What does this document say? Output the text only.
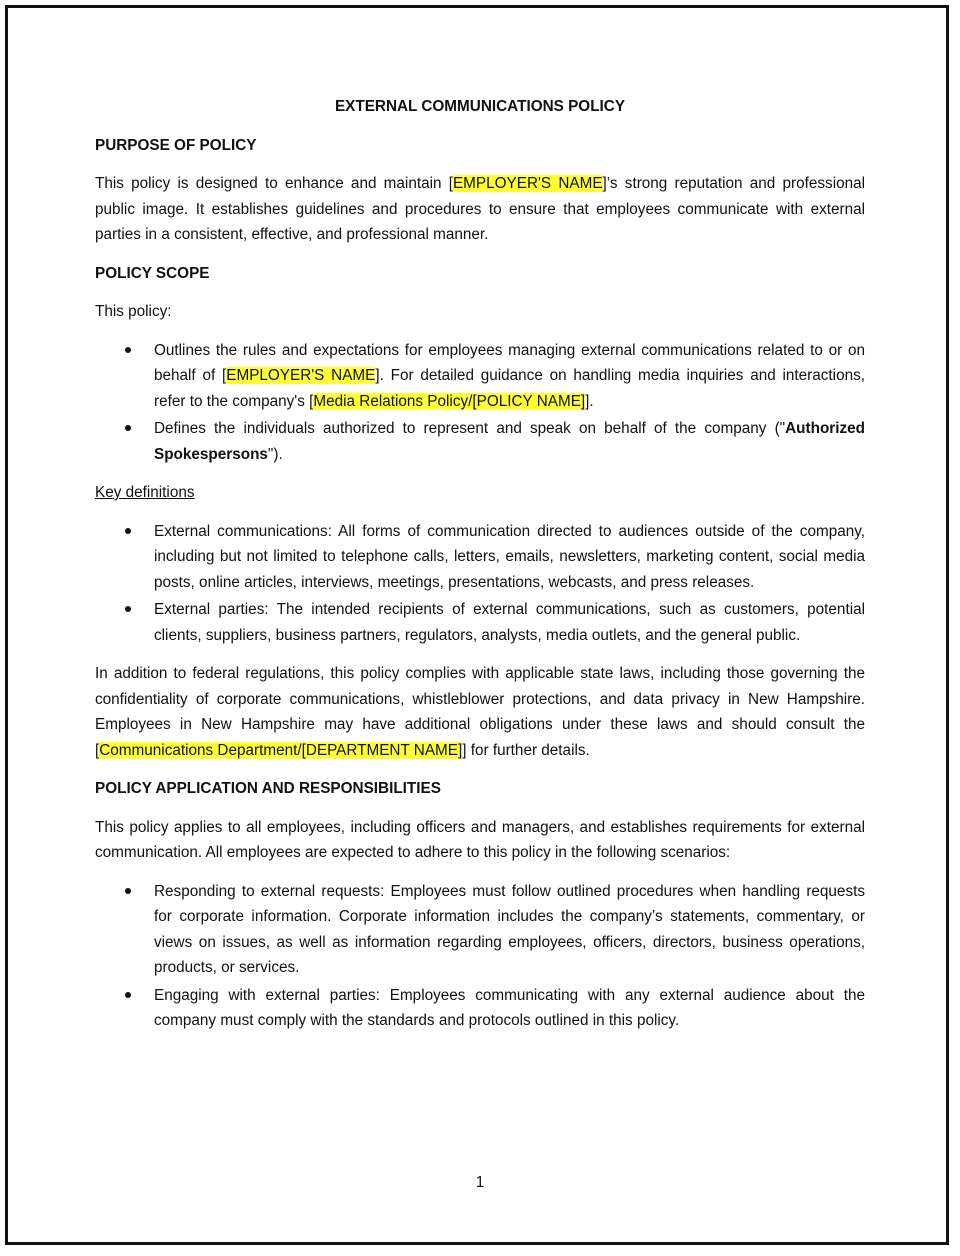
EXTERNAL COMMUNICATIONS POLICY
PURPOSE OF POLICY
This policy is designed to enhance and maintain [EMPLOYER'S NAME]’s strong reputation and professional public image. It establishes guidelines and procedures to ensure that employees communicate with external parties in a consistent, effective, and professional manner.
POLICY SCOPE
This policy:
Outlines the rules and expectations for employees managing external communications related to or on behalf of [EMPLOYER'S NAME]. For detailed guidance on handling media inquiries and interactions, refer to the company's [Media Relations Policy/[POLICY NAME]].
Defines the individuals authorized to represent and speak on behalf of the company ("Authorized Spokespersons").
Key definitions
External communications: All forms of communication directed to audiences outside of the company, including but not limited to telephone calls, letters, emails, newsletters, marketing content, social media posts, online articles, interviews, meetings, presentations, webcasts, and press releases.
External parties: The intended recipients of external communications, such as customers, potential clients, suppliers, business partners, regulators, analysts, media outlets, and the general public.
In addition to federal regulations, this policy complies with applicable state laws, including those governing the confidentiality of corporate communications, whistleblower protections, and data privacy in New Hampshire. Employees in New Hampshire may have additional obligations under these laws and should consult the [Communications Department/[DEPARTMENT NAME]] for further details.
POLICY APPLICATION AND RESPONSIBILITIES
This policy applies to all employees, including officers and managers, and establishes requirements for external communication. All employees are expected to adhere to this policy in the following scenarios:
Responding to external requests: Employees must follow outlined procedures when handling requests for corporate information. Corporate information includes the company’s statements, commentary, or views on issues, as well as information regarding employees, officers, directors, business operations, products, or services.
Engaging with external parties: Employees communicating with any external audience about the company must comply with the standards and protocols outlined in this policy.
1
